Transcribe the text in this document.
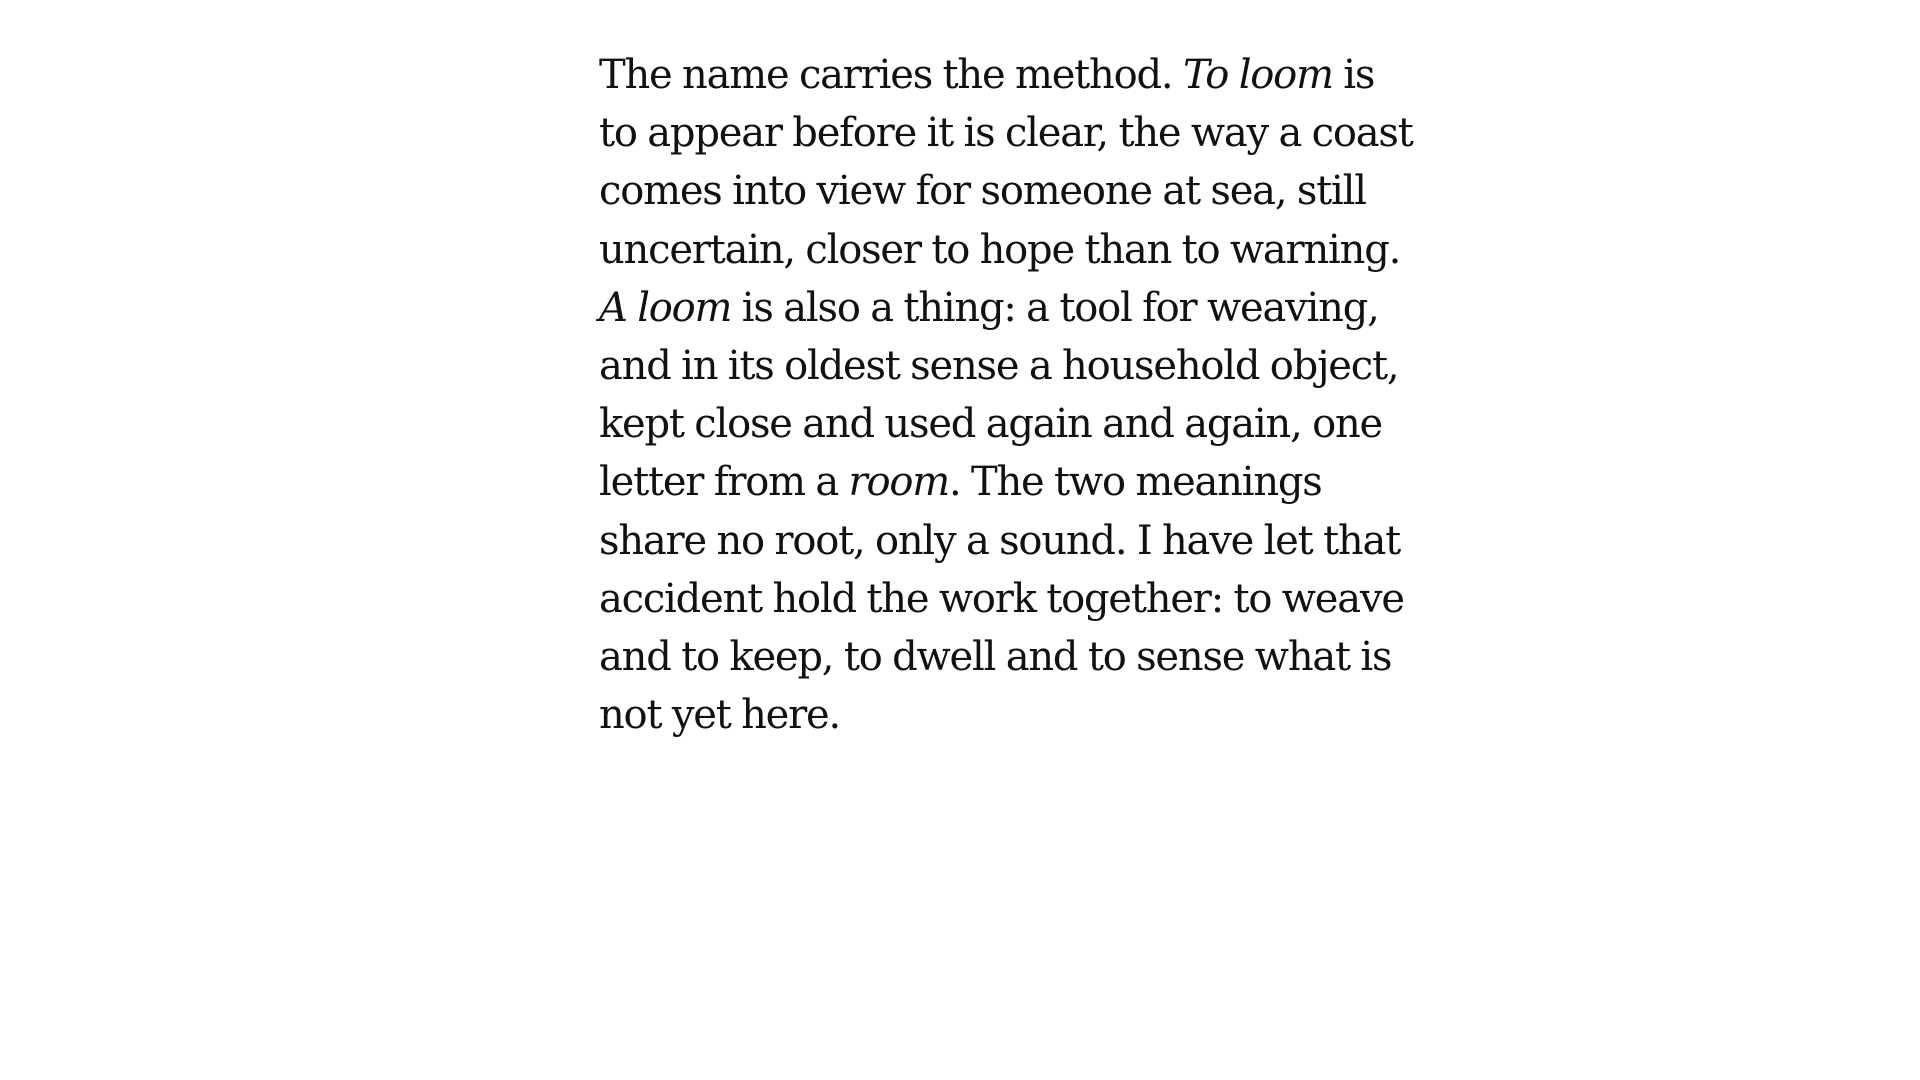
The name carries the method. To loom is
to appear before it is clear, the way a coast
comes into view for someone at sea, still
uncertain, closer to hope than to warning.
A loom is also a thing: a tool for weaving,
and in its oldest sense a household object,
kept close and used again and again, one
letter from a room. The two meanings
share no root, only a sound. I have let that
accident hold the work together: to weave
and to keep, to dwell and to sense what is
not yet here.
